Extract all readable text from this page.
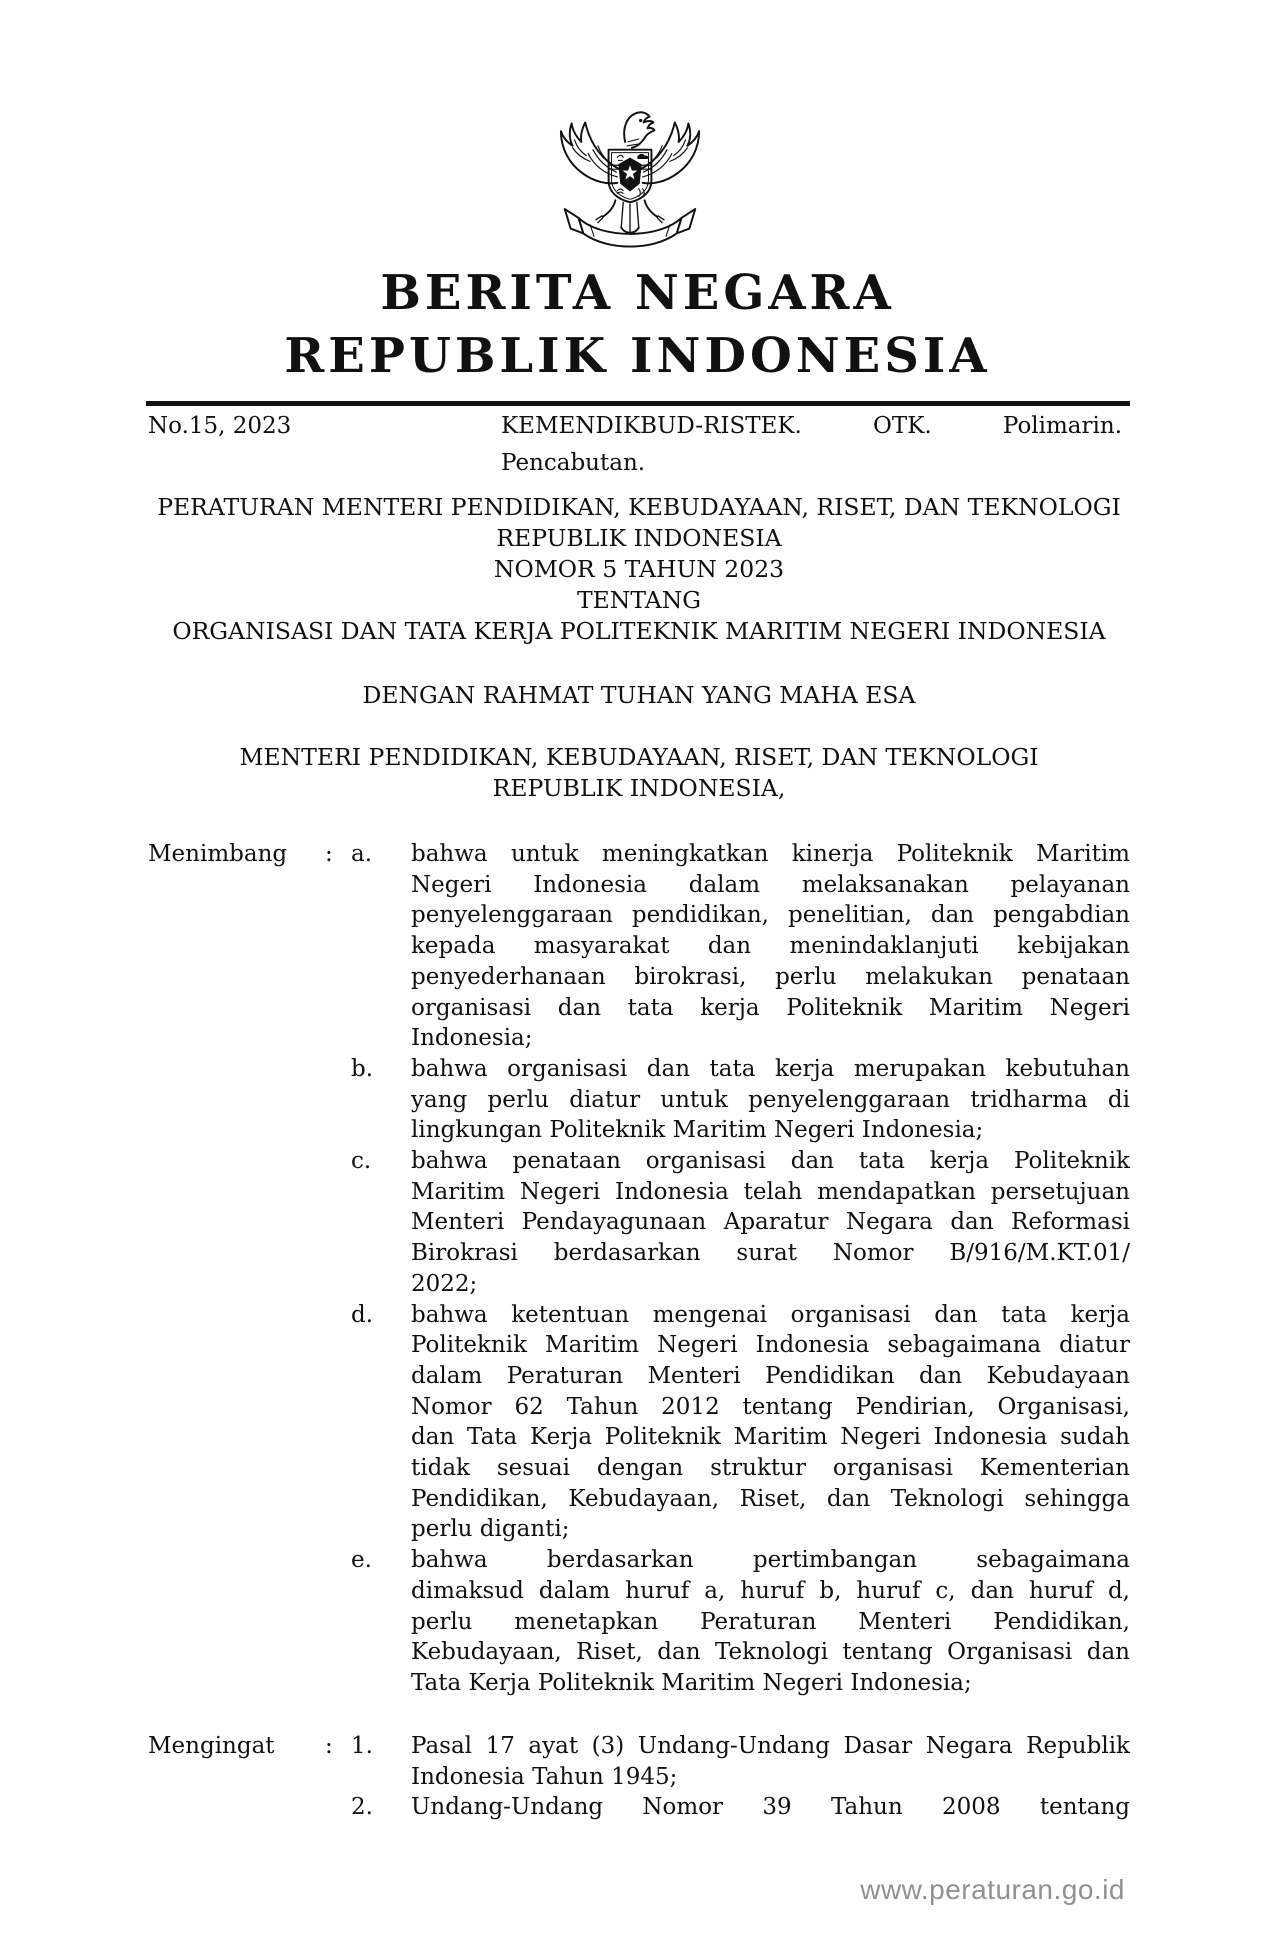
BERITA NEGARA
REPUBLIK INDONESIA
No.15, 2023	KEMENDIKBUD-RISTEK. OTK. Polimarin.
Pencabutan.
PERATURAN MENTERI PENDIDIKAN, KEBUDAYAAN, RISET, DAN TEKNOLOGI
REPUBLIK INDONESIA
NOMOR 5 TAHUN 2023
TENTANG
ORGANISASI DAN TATA KERJA POLITEKNIK MARITIM NEGERI INDONESIA
DENGAN RAHMAT TUHAN YANG MAHA ESA
MENTERI PENDIDIKAN, KEBUDAYAAN, RISET, DAN TEKNOLOGI
REPUBLIK INDONESIA,
Menimbang : a. bahwa untuk meningkatkan kinerja Politeknik Maritim
Negeri Indonesia dalam melaksanakan pelayanan
penyelenggaraan pendidikan, penelitian, dan pengabdian
kepada masyarakat dan menindaklanjuti kebijakan
penyederhanaan birokrasi, perlu melakukan penataan
organisasi dan tata kerja Politeknik Maritim Negeri
Indonesia;
b. bahwa organisasi dan tata kerja merupakan kebutuhan
yang perlu diatur untuk penyelenggaraan tridharma di
lingkungan Politeknik Maritim Negeri Indonesia;
c. bahwa penataan organisasi dan tata kerja Politeknik
Maritim Negeri Indonesia telah mendapatkan persetujuan
Menteri Pendayagunaan Aparatur Negara dan Reformasi
Birokrasi berdasarkan surat Nomor B/916/M.KT.01/
2022;
d. bahwa ketentuan mengenai organisasi dan tata kerja
Politeknik Maritim Negeri Indonesia sebagaimana diatur
dalam Peraturan Menteri Pendidikan dan Kebudayaan
Nomor 62 Tahun 2012 tentang Pendirian, Organisasi,
dan Tata Kerja Politeknik Maritim Negeri Indonesia sudah
tidak sesuai dengan struktur organisasi Kementerian
Pendidikan, Kebudayaan, Riset, dan Teknologi sehingga
perlu diganti;
e. bahwa berdasarkan pertimbangan sebagaimana
dimaksud dalam huruf a, huruf b, huruf c, dan huruf d,
perlu menetapkan Peraturan Menteri Pendidikan,
Kebudayaan, Riset, dan Teknologi tentang Organisasi dan
Tata Kerja Politeknik Maritim Negeri Indonesia;
Mengingat : 1. Pasal 17 ayat (3) Undang-Undang Dasar Negara Republik
Indonesia Tahun 1945;
2. Undang-Undang Nomor 39 Tahun 2008 tentang
www.peraturan.go.id
